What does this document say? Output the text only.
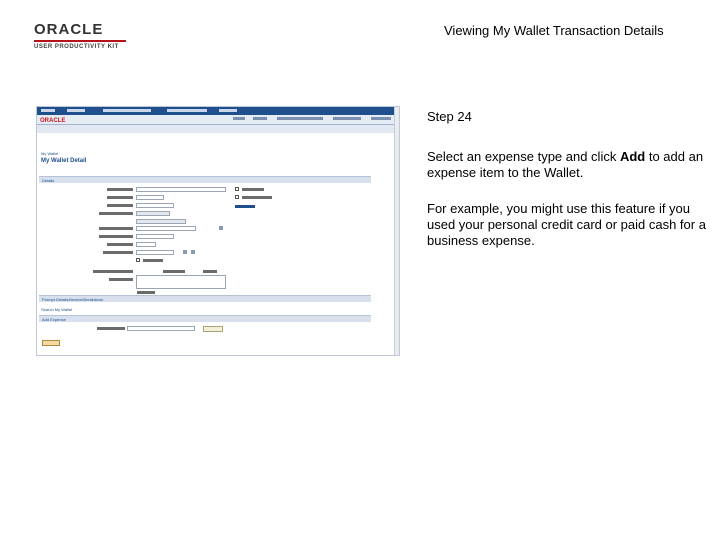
ORACLE
USER PRODUCTIVITY KIT
Viewing My Wallet Transaction Details
ORACLE
My Wallet
My Wallet Detail
Details
Prompt Details/Itemize/Breakdown
Search My Wallet
Add Expense
Step 24
Select an expense type and click Add to add an expense item to the Wallet.
For example, you might use this feature if you used your personal credit card or paid cash for a business expense.
